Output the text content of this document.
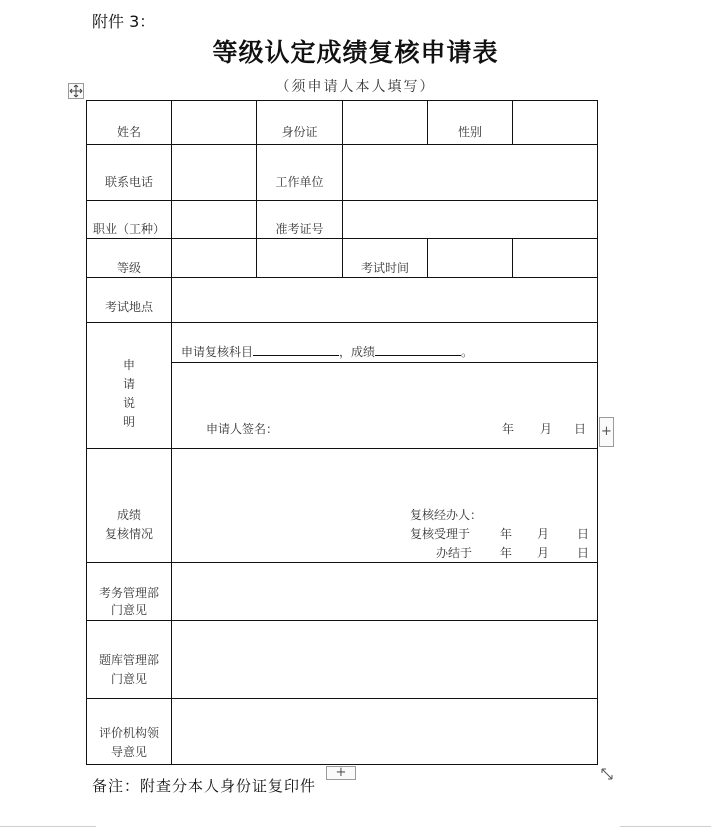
附件 3：
等级认定成绩复核申请表
（须申请人本人填写）
姓名	身份证	性别
联系电话	工作单位
职业（工种）	准考证号
等级	考试时间
考试地点
申
请
说
明
申请复核科目	，成绩	。
申请人签名：	年 月 日
成绩
复核情况
复核经办人：
复核受理于 年 月 日
办结于 年 月 日
考务管理部
门意见
题库管理部
门意见
评价机构领
导意见
+
+
备注：附查分本人身份证复印件
